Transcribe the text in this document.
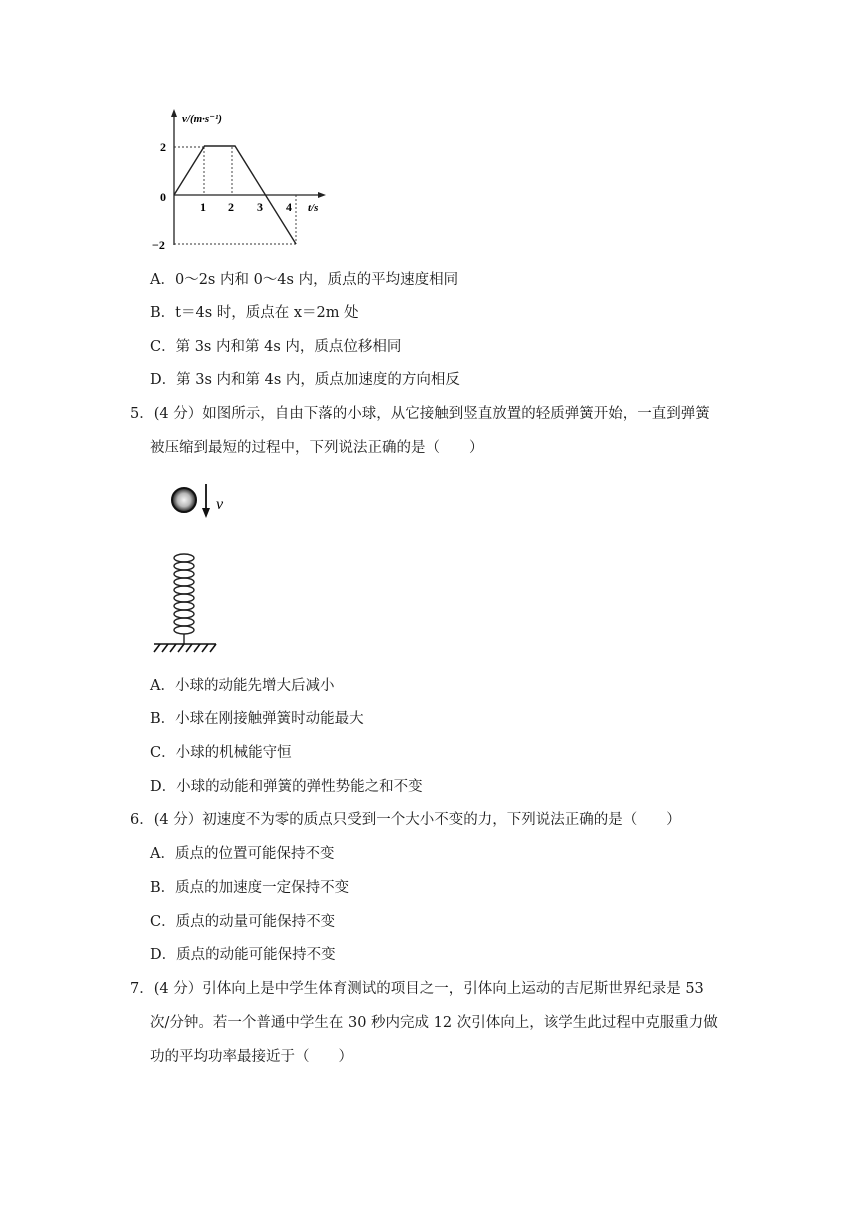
v/(m·s⁻¹)
t/s
0
2
−2
1 2 3 4
A．0～2s 内和 0～4s 内，质点的平均速度相同
B．t＝4s 时，质点在 x＝2m 处
C．第 3s 内和第 4s 内，质点位移相同
D．第 3s 内和第 4s 内，质点加速度的方向相反
5．(4 分）如图所示，自由下落的小球，从它接触到竖直放置的轻质弹簧开始，一直到弹簧
被压缩到最短的过程中，下列说法正确的是（　　）
v
A．小球的动能先增大后减小
B．小球在刚接触弹簧时动能最大
C．小球的机械能守恒
D．小球的动能和弹簧的弹性势能之和不变
6．(4 分）初速度不为零的质点只受到一个大小不变的力，下列说法正确的是（　　）
A．质点的位置可能保持不变
B．质点的加速度一定保持不变
C．质点的动量可能保持不变
D．质点的动能可能保持不变
7．(4 分）引体向上是中学生体育测试的项目之一，引体向上运动的吉尼斯世界纪录是 53
次/分钟。若一个普通中学生在 30 秒内完成 12 次引体向上，该学生此过程中克服重力做
功的平均功率最接近于（　　）
